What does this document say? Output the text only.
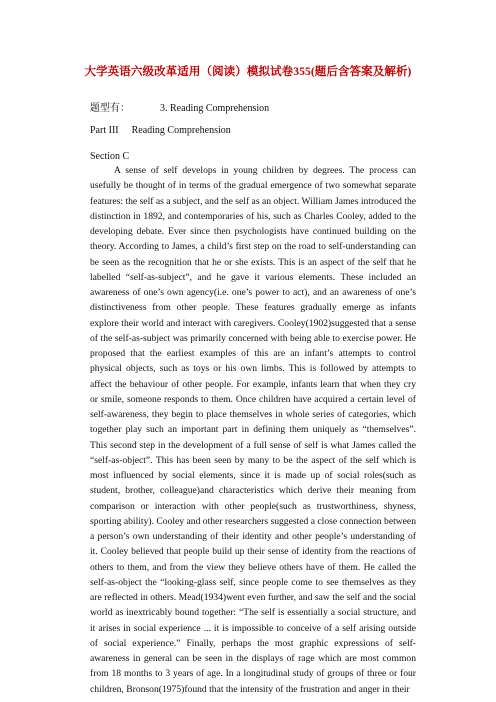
大学英语六级改革适用（阅读）模拟试卷355(题后含答案及解析)
题型有：	3. Reading Comprehension
Part III Reading Comprehension
Section C

A sense of self develops in young children by degrees. The process can usefully be thought of in terms of the gradual emergence of two somewhat separate features: the self as a subject, and the self as an object. William James introduced the distinction in 1892, and contemporaries of his, such as Charles Cooley, added to the developing debate. Ever since then psychologists have continued building on the theory. According to James, a child’s first step on the road to self-understanding can be seen as the recognition that he or she exists. This is an aspect of the self that he labelled “self-as-subject”, and he gave it various elements. These included an awareness of one’s own agency(i.e. one’s power to act), and an awareness of one’s distinctiveness from other people. These features gradually emerge as infants explore their world and interact with caregivers. Cooley(1902)suggested that a sense of the self-as-subject was primarily concerned with being able to exercise power. He proposed that the earliest examples of this are an infant’s attempts to control physical objects, such as toys or his own limbs. This is followed by attempts to affect the behaviour of other people. For example, infants learn that when they cry or smile, someone responds to them. Once children have acquired a certain level of self-awareness, they begin to place themselves in whole series of categories, which together play such an important part in defining them uniquely as “themselves”. This second step in the development of a full sense of self is what James called the “self-as-object”. This has been seen by many to be the aspect of the self which is most influenced by social elements, since it is made up of social roles(such as student, brother, colleague)and characteristics which derive their meaning from comparison or interaction with other people(such as trustworthiness, shyness, sporting ability). Cooley and other researchers suggested a close connection between a person’s own understanding of their identity and other people’s understanding of it. Cooley believed that people build up their sense of identity from the reactions of others to them, and from the view they believe others have of them. He called the self-as-object the “looking-glass self, since people come to see themselves as they are reflected in others. Mead(1934)went even further, and saw the self and the social world as inextricably bound together: “The self is essentially a social structure, and it arises in social experience ... it is impossible to conceive of a self arising outside of social experience.” Finally, perhaps the most graphic expressions of self-awareness in general can be seen in the displays of rage which are most common from 18 months to 3 years of age. In a longitudinal study of groups of three or four children, Bronson(1975)found that the intensity of the frustration and anger in their
